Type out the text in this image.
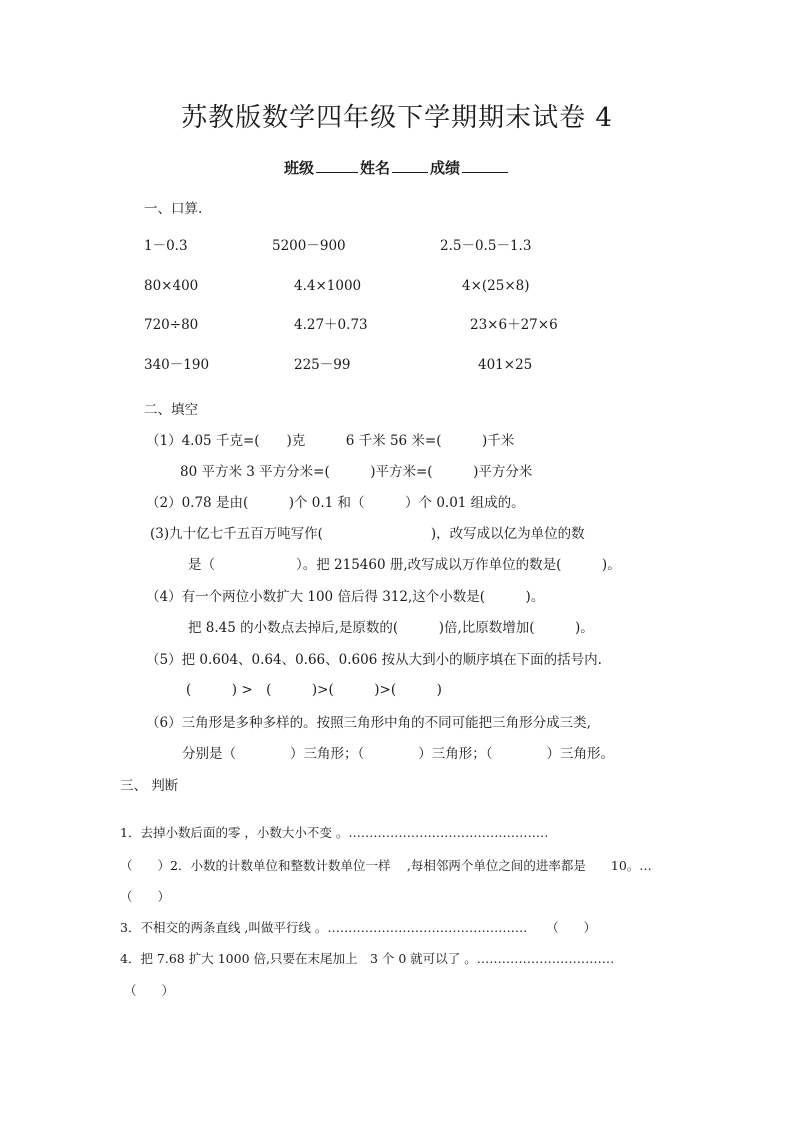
苏教版数学四年级下学期期末试卷 4
班级	姓名	成绩
一、口算.
1－0.3	5200－900	2.5－0.5－1.3
80×400	4.4×1000	4×(25×8)
720÷80	4.27＋0.73	23×6＋27×6
340－190	225－99	401×25
二、填空
（1）4.05 千克=(　　)克　　　6 千米 56 米=(　　　)千米
80 平方米 3 平方分米=(　　　)平方米=(　　　)平方分米
（2）0.78 是由(　　　)个 0.1 和（　　　）个 0.01 组成的。
(3)九十亿七千五百万吨写作(　　　　　　　　)，改写成以亿为单位的数
是（　　　　　　）。把 215460 册,改写成以万作单位的数是(　　　)。
（4）有一个两位小数扩大 100 倍后得 312,这个小数是(　　　)。
把 8.45 的小数点去掉后,是原数的(　　　)倍,比原数增加(　　　)。
（5）把 0.604、0.64、0.66、0.606 按从大到小的顺序填在下面的括号内.
(　　　) >　(　　　)>(　　　)>(　　　)
（6）三角形是多种多样的。按照三角形中角的不同可能把三角形分成三类,
分别是（　　　　）三角形；（　　　　）三角形；（　　　　）三角形。
三、 判断
1．去掉小数后面的零 ，小数大小不变 。…………………………………………
（　　）2．小数的计数单位和整数计数单位一样　 ,每相邻两个单位之间的进率都是　　10。…
（　　）
3．不相交的两条直线 ,叫做平行线 。…………………………………………　　（　　）
4．把 7.68 扩大 1000 倍,只要在末尾加上　3 个 0 就可以了 。……………………………
（　　）
